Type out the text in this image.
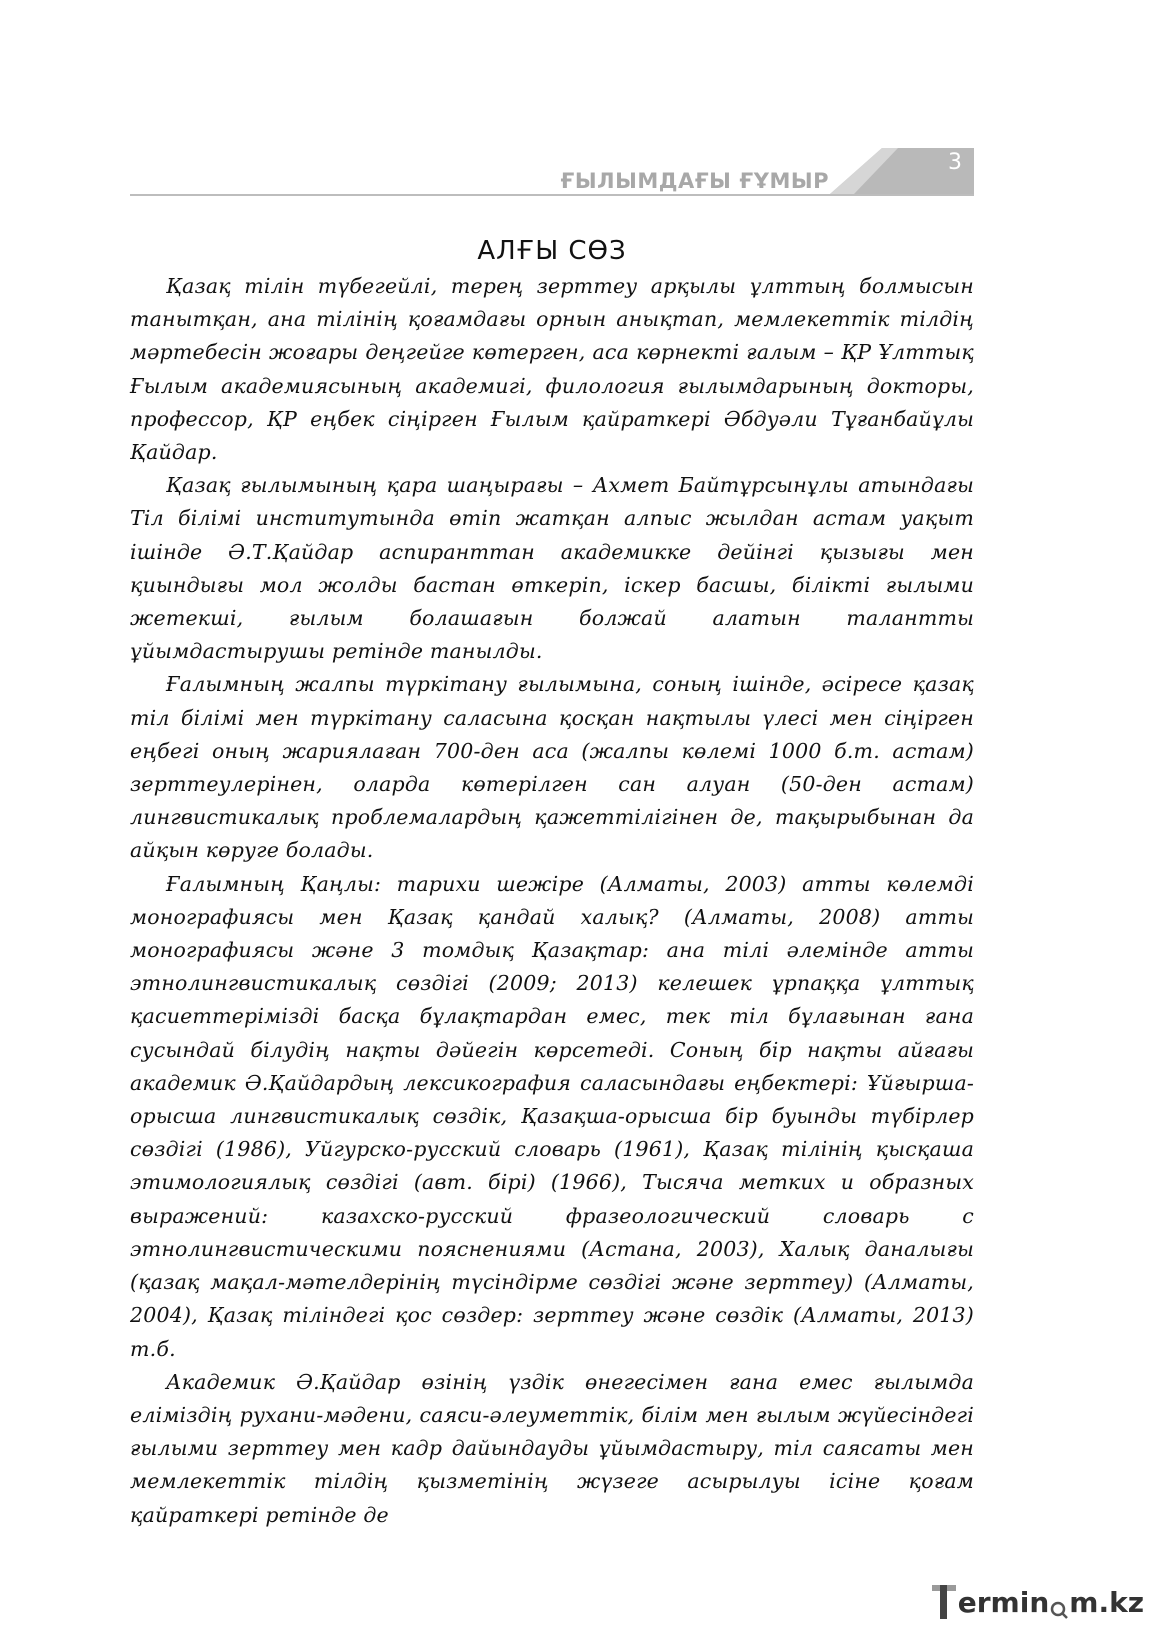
3
ҒЫЛЫМДАҒЫ ҒҰМЫР
АЛҒЫ СӨЗ

Қазақ тілін түбегейлі, терең зерттеу арқылы ұлттың болмысын танытқан, ана тілінің қоғамдағы орнын анықтап, мемлекеттік тілдің мәртебесін жоғары деңгейге көтерген, аса көрнекті ғалым – ҚР Ұлттық Ғылым академиясының академигі, филология ғылымдарының докторы, профессор, ҚР еңбек сіңірген Ғылым қайраткері Әбдуәли Тұғанбайұлы Қайдар.

Қазақ ғылымының қара шаңырағы – Ахмет Байтұрсынұлы атындағы Тіл білімі институтында өтіп жатқан алпыс жылдан астам уақыт ішінде Ә.Т.Қайдар аспиранттан академикке дейінгі қызығы мен қиындығы мол жолды бастан өткеріп, іскер басшы, білікті ғылыми жетекші, ғылым болашағын болжай алатын талантты ұйымдастырушы ретінде танылды.

Ғалымның жалпы түркітану ғылымына, соның ішінде, әсіресе қазақ тіл білімі мен түркітану саласына қосқан нақтылы үлесі мен сіңірген еңбегі оның жариялаған 700-ден аса (жалпы көлемі 1000 б.т. астам) зерттеулерінен, оларда көтерілген сан алуан (50-ден астам) лингвистикалық проблемалардың қажеттілігінен де, тақырыбынан да айқын көруге болады.

Ғалымның Қаңлы: тарихи шежіре (Алматы, 2003) атты көлемді монографиясы мен Қазақ қандай халық? (Алматы, 2008) атты монографиясы және 3 томдық Қазақтар: ана тілі әлемінде атты этнолингвистикалық сөздігі (2009; 2013) келешек ұрпаққа ұлттық қасиеттерімізді басқа бұлақтардан емес, тек тіл бұлағынан ғана сусындай білудің нақты дәйегін көрсетеді. Соның бір нақты айғағы академик Ә.Қайдардың лексикография саласындағы еңбектері: Ұйғырша-орысша лингвистикалық сөздік, Қазақша-орысша бір буынды түбірлер сөздігі (1986), Уйгурско-русский словарь (1961), Қазақ тілінің қысқаша этимологиялық сөздігі (авт. бірі) (1966), Тысяча метких и образных выражений: казахско-русский фразеологический словарь с этнолингвистическими пояснениями (Астана, 2003), Халық даналығы (қазақ мақал-мәтелдерінің түсіндірме сөздігі және зерттеу) (Алматы, 2004), Қазақ тіліндегі қос сөздер: зерттеу және сөздік (Алматы, 2013) т.б.

Академик Ә.Қайдар өзінің үздік өнегесімен ғана емес ғылымда еліміздің рухани-мәдени, саяси-әлеуметтік, білім мен ғылым жүйесіндегі ғылыми зерттеу мен кадр дайындауды ұйымдастыру, тіл саясаты мен мемлекеттік тілдің қызметінің жүзеге асырылуы ісіне қоғам қайраткері ретінде де

ermin m.kz
